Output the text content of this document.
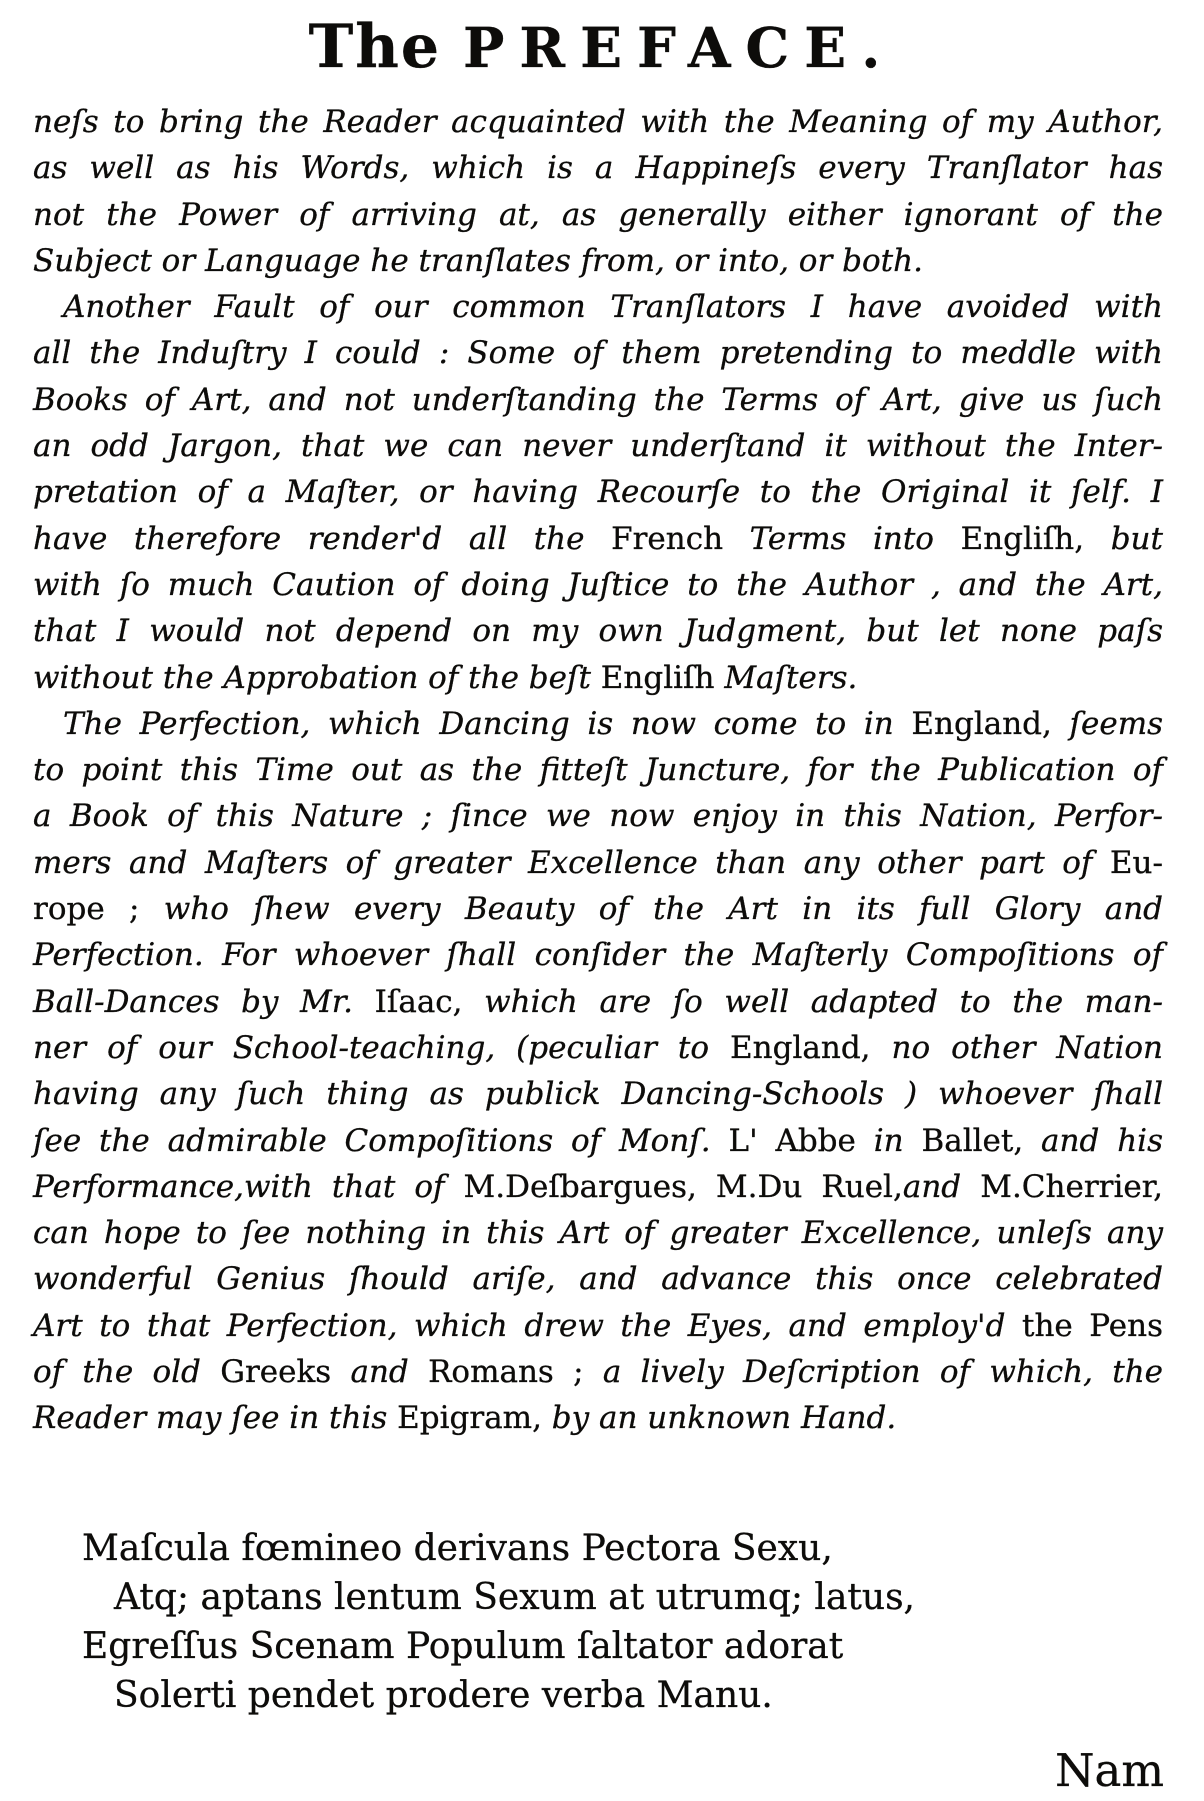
The PREFACE.
neſs to bring the Reader acquainted with the Meaning of my Author,
as well as his Words, which is a Happineſs every Tranſlator has
not the Power of arriving at, as generally either ignorant of the
Subject or Language he tranſlates from, or into, or both.
Another Fault of our common Tranſlators I have avoided with
all the Induſtry I could : Some of them pretending to meddle with
Books of Art, and not underſtanding the Terms of Art, give us ſuch
an odd Jargon, that we can never underſtand it without the Inter-
pretation of a Maſter, or having Recourſe to the Original it ſelf. I
have therefore render'd all the French Terms into Engliſh, but
with ſo much Caution of doing Juſtice to the Author , and the Art,
that I would not depend on my own Judgment, but let none paſs
without the Approbation of the beſt Engliſh Maſters.
The Perfection, which Dancing is now come to in England, ſeems
to point this Time out as the fitteſt Juncture, for the Publication of
a Book of this Nature ; ſince we now enjoy in this Nation, Perfor-
mers and Maſters of greater Excellence than any other part of Eu-
rope ; who ſhew every Beauty of the Art in its full Glory and
Perfection. For whoever ſhall conſider the Maſterly Compoſitions of
Ball-Dances by Mr. Iſaac, which are ſo well adapted to the man-
ner of our School-teaching, (peculiar to England, no other Nation
having any ſuch thing as publick Dancing-Schools ) whoever ſhall
ſee the admirable Compoſitions of Monſ. L' Abbe in Ballet, and his
Performance,with that of M.Deſbargues, M.Du Ruel,and M.Cherrier,
can hope to ſee nothing in this Art of greater Excellence, unleſs any
wonderful Genius ſhould ariſe, and advance this once celebrated
Art to that Perfection, which drew the Eyes, and employ'd the Pens
of the old Greeks and Romans ; a lively Deſcription of which, the
Reader may ſee in this Epigram, by an unknown Hand.
Maſcula fœmineo derivans Pectora Sexu,
Atq; aptans lentum Sexum at utrumq; latus,
Egreſſus Scenam Populum ſaltator adorat
Solerti pendet prodere verba Manu.
Nam
